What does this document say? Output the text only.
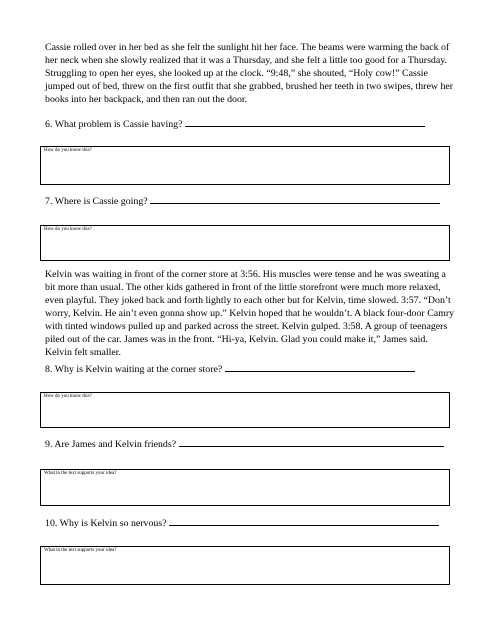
Cassie rolled over in her bed as she felt the sunlight hit her face. The beams were warming the back of her neck when she slowly realized that it was a Thursday, and she felt a little too good for a Thursday. Struggling to open her eyes, she looked up at the clock. “9:48,” she shouted, “Holy cow!” Cassie jumped out of bed, threw on the first outfit that she grabbed, brushed her teeth in two swipes, threw her books into her backpack, and then ran out the door.

6. What problem is Cassie having?
How do you know this?
7. Where is Cassie going?
How do you know this?

Kelvin was waiting in front of the corner store at 3:56. His muscles were tense and he was sweating a bit more than usual. The other kids gathered in front of the little storefront were much more relaxed, even playful. They joked back and forth lightly to each other but for Kelvin, time slowed. 3:57. “Don’t worry, Kelvin. He ain’t even gonna show up.” Kelvin hoped that he wouldn’t. A black four-door Camry with tinted windows pulled up and parked across the street. Kelvin gulped. 3:58. A group of teenagers piled out of the car. James was in the front. “Hi-ya, Kelvin. Glad you could make it,” James said. Kelvin felt smaller.

8. Why is Kelvin waiting at the corner store?
How do you know this?
9. Are James and Kelvin friends?
What in the text supports your idea?
10. Why is Kelvin so nervous?
What in the text supports your idea?
